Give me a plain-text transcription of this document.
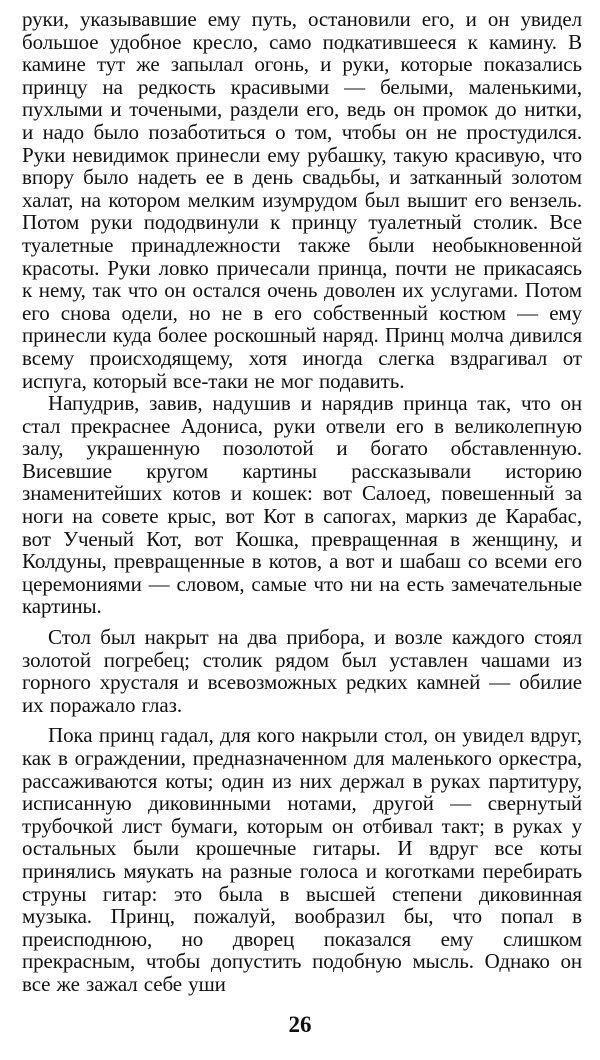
руки, указывавшие ему путь, остановили его, и он увидел большое удобное кресло, само подкатившееся к камину. В камине тут же запылал огонь, и руки, которые показались принцу на редкость красивыми — белыми, маленькими, пухлыми и точеными, раздели его, ведь он промок до нитки, и надо было позаботиться о том, чтобы он не простудился. Руки невидимок принесли ему рубашку, такую красивую, что впору было надеть ее в день свадьбы, и затканный золотом халат, на котором мелким изумрудом был вышит его вензель. Потом руки пододвинули к принцу туалетный столик. Все туалетные принадлежности также были необыкновенной красоты. Руки ловко причесали принца, почти не прикасаясь к нему, так что он остался очень доволен их услугами. Потом его снова одели, но не в его собственный костюм — ему принесли куда более роскошный наряд. Принц молча дивился всему происходящему, хотя иногда слегка вздрагивал от испуга, который все-таки не мог подавить.

Напудрив, завив, надушив и нарядив принца так, что он стал прекраснее Адониса, руки отвели его в великолепную залу, украшенную позолотой и богато обставленную. Висевшие кругом картины рассказывали историю знаменитейших котов и кошек: вот Салоед, повешенный за ноги на совете крыс, вот Кот в сапогах, маркиз де Карабас, вот Ученый Кот, вот Кошка, превращенная в женщину, и Колдуны, превращенные в котов, а вот и шабаш со всеми его церемониями — словом, самые что ни на есть замечательные картины.

Стол был накрыт на два прибора, и возле каждого стоял золотой погребец; столик рядом был уставлен чашами из горного хрусталя и всевозможных редких камней — обилие их поражало глаз.

Пока принц гадал, для кого накрыли стол, он увидел вдруг, как в ограждении, предназначенном для маленького оркестра, рассаживаются коты; один из них держал в руках партитуру, исписанную диковинными нотами, другой — свернутый трубочкой лист бумаги, которым он отбивал такт; в руках у остальных были крошечные гитары. И вдруг все коты принялись мяукать на разные голоса и коготками перебирать струны гитар: это была в высшей степени диковинная музыка. Принц, пожалуй, вообразил бы, что попал в преисподнюю, но дворец показался ему слишком прекрасным, чтобы допустить подобную мысль. Однако он все же зажал себе уши

26
